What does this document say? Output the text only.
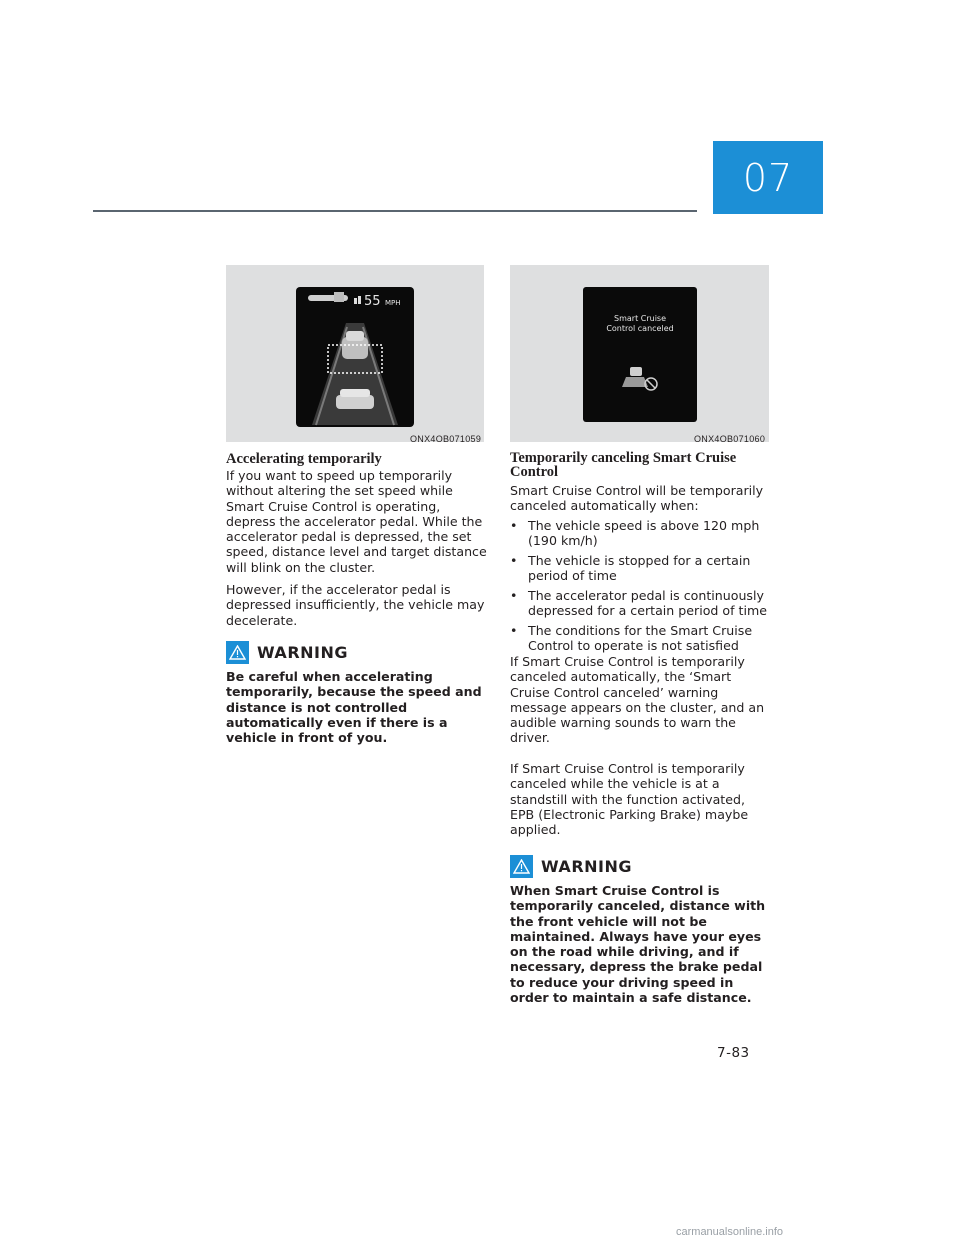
07
55 MPH
ONX4OB071059
Smart Cruise
Control canceled
ONX4OB071060
Accelerating temporarily

If you want to speed up temporarily without altering the set speed while Smart Cruise Control is operating, depress the accelerator pedal. While the accelerator pedal is depressed, the set speed, distance level and target distance will blink on the cluster.

However, if the accelerator pedal is depressed insufficiently, the vehicle may decelerate.

WARNING

Be careful when accelerating temporarily, because the speed and distance is not controlled automatically even if there is a vehicle in front of you.

Temporarily canceling Smart Cruise Control

Smart Cruise Control will be temporarily canceled automatically when:

• The vehicle speed is above 120 mph (190 km/h)
• The vehicle is stopped for a certain period of time
• The accelerator pedal is continuously depressed for a certain period of time
• The conditions for the Smart Cruise Control to operate is not satisfied

If Smart Cruise Control is temporarily canceled automatically, the ‘Smart Cruise Control canceled’ warning message appears on the cluster, and an audible warning sounds to warn the driver.

If Smart Cruise Control is temporarily canceled while the vehicle is at a standstill with the function activated, EPB (Electronic Parking Brake) maybe applied.

WARNING

When Smart Cruise Control is temporarily canceled, distance with the front vehicle will not be maintained. Always have your eyes on the road while driving, and if necessary, depress the brake pedal to reduce your driving speed in order to maintain a safe distance.

7-83
carmanualsonline.info
